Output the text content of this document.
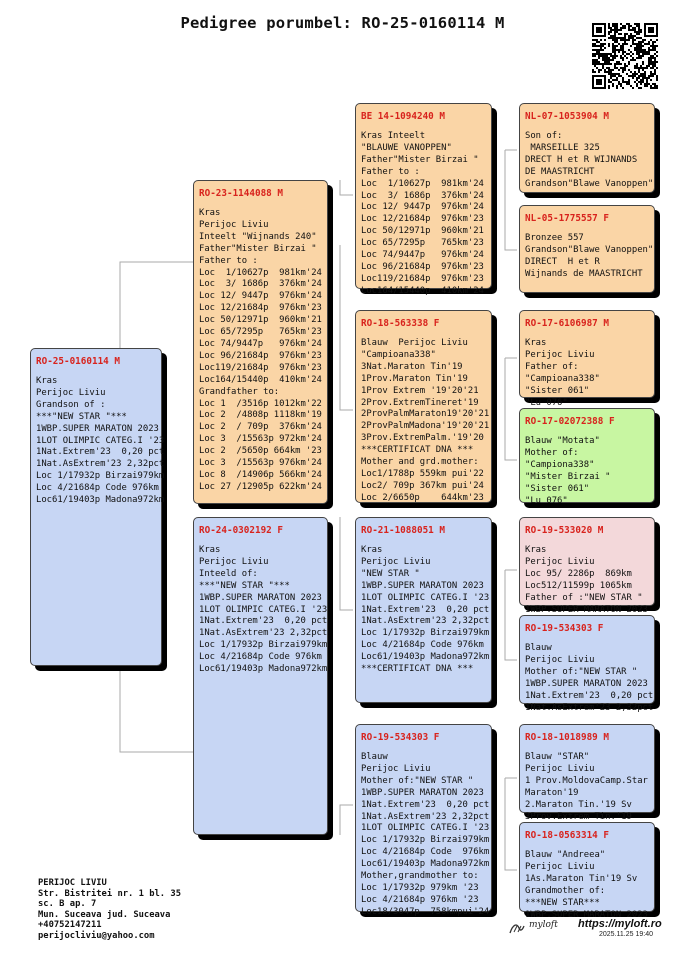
Pedigree porumbel: RO-25-0160114 M
RO-25-0160114 M
Kras
Perijoc Liviu
Grandson of :
***"NEW STAR "***
1WBP.SUPER MARATON 2023
1LOT OLIMPIC CATEG.I '23
1Nat.Extrem'23  0,20 pct
1Nat.AsExtrem'23 2,32pct
Loc 1/17932p Birzai979km
Loc 4/21684p Code 976km
Loc61/19403p Madona972km
RO-23-1144088 M
Kras
Perijoc Liviu
Inteelt "Wijnands 240"
Father"Mister Birzai "
Father to :
Loc  1/10627p  981km'24
Loc  3/ 1686p  376km'24
Loc 12/ 9447p  976km'24
Loc 12/21684p  976km'23
Loc 50/12971p  960km'21
Loc 65/7295p   765km'23
Loc 74/9447p   976km'24
Loc 96/21684p  976km'23
Loc119/21684p  976km'23
Loc164/15440p  410km'24
Grandfather to:
Loc 1  /3516p 1012km'22
Loc 2  /4808p 1118km'19
Loc 2  / 709p  376km'24
Loc 3  /15563p 972km'24
Loc 2  /5650p 664km '23
Loc 3  /15563p 976km'24
Loc 8  /14906p 566km'24
Loc 27 /12905p 622km'24
RO-24-0302192 F
Kras
Perijoc Liviu
Inteeld of:
***"NEW STAR "***
1WBP.SUPER MARATON 2023
1LOT OLIMPIC CATEG.I '23
1Nat.Extrem'23  0,20 pct
1Nat.AsExtrem'23 2,32pct
Loc 1/17932p Birzai979km
Loc 4/21684p Code 976km
Loc61/19403p Madona972km
BE 14-1094240 M
Kras Inteelt
"BLAUWE VANOPPEN"
Father"Mister Birzai "
Father to :
Loc  1/10627p  981km'24
Loc  3/ 1686p  376km'24
Loc 12/ 9447p  976km'24
Loc 12/21684p  976km'23
Loc 50/12971p  960km'21
Loc 65/7295p   765km'23
Loc 74/9447p   976km'24
Loc 96/21684p  976km'23
Loc119/21684p  976km'23
Loc164/15440p  410km'24
RO-18-563338 F
Blauw  Perijoc Liviu
"Campioana338"
3Nat.Maraton Tin'19
1Prov.Maraton Tin'19
1Prov Extrem '19'20'21
2Prov.ExtremTineret'19
2ProvPalmMaraton19'20'21
2ProvPalmMadona'19'20'21
3Prov.ExtremPalm.'19'20
***CERTIFICAT DNA ***
Mother and grd.mother:
Loc1/1788p 559km pui'22
Loc2/ 709p 367km pui'24
Loc 2/6650p    644km'23
RO-21-1088051 M
Kras
Perijoc Liviu
"NEW STAR "
1WBP.SUPER MARATON 2023
1LOT OLIMPIC CATEG.I '23
1Nat.Extrem'23  0,20 pct
1Nat.AsExtrem'23 2,32pct
Loc 1/17932p Birzai979km
Loc 4/21684p Code 976km
Loc61/19403p Madona972km
***CERTIFICAT DNA ***
RO-19-534303 F
Blauw
Perijoc Liviu
Mother of:"NEW STAR "
1WBP.SUPER MARATON 2023
1Nat.Extrem'23  0,20 pct
1Nat.AsExtrem'23 2,32pct
1LOT OLIMPIC CATEG.I '23
Loc 1/17932p Birzai979km
Loc 4/21684p Code  976km
Loc61/19403p Madona972km
Mother,grandmother to:
Loc 1/17932p 979km '23
Loc 4/21684p 976km '23
Loc18/3047p  758kmpui'24
NL-07-1053904 M
Son of:
MARSEILLE 325
DRECT H et R WIJNANDS
DE MAASTRICHT
Grandson"Blawe Vanoppen"
NL-05-1775557 F
Bronzee 557
Grandson"Blawe Vanoppen"
DIRECT  H et R
Wijnands de MAASTRICHT
RO-17-6106987 M
Kras
Perijoc Liviu
Father of:
"Campioana338"
"Sister 061"
"Lu 076"
RO-17-02072388 F
Blauw "Motata"
Mother of:
"Campiona338"
"Mister Birzai "
"Sister 061"
"Lu 076"
RO-19-533020 M
Kras
Perijoc Liviu
Loc 95/ 2286p  869km
Loc512/11599p 1065km
Father of :"NEW STAR "
1WBP.SUPER MARATON 2023
RO-19-534303 F
Blauw
Perijoc Liviu
Mother of:"NEW STAR "
1WBP.SUPER MARATON 2023
1Nat.Extrem'23  0,20 pct
1Nat.AsExtrem'23 2,32pct
RO-18-1018989 M
Blauw "STAR"
Perijoc Liviu
1 Prov.MoldovaCamp.Star
Maraton'19
2.Maraton Tin.'19 Sv
3Prov.Extrem Tin.'19
RO-18-0563314 F
Blauw "Andreea"
Perijoc Liviu
1As.Maraton Tin'19 Sv
Grandmother of:
***NEW STAR***
1WBP.SUPER MARATON 2023
PERIJOC LIVIU
Str. Bistritei nr. 1 bl. 35
sc. B ap. 7
Mun. Suceava jud. Suceava
+40752147211
perijocliviu@yahoo.com
myloft https://myloft.ro
2025.11.25 19:40
